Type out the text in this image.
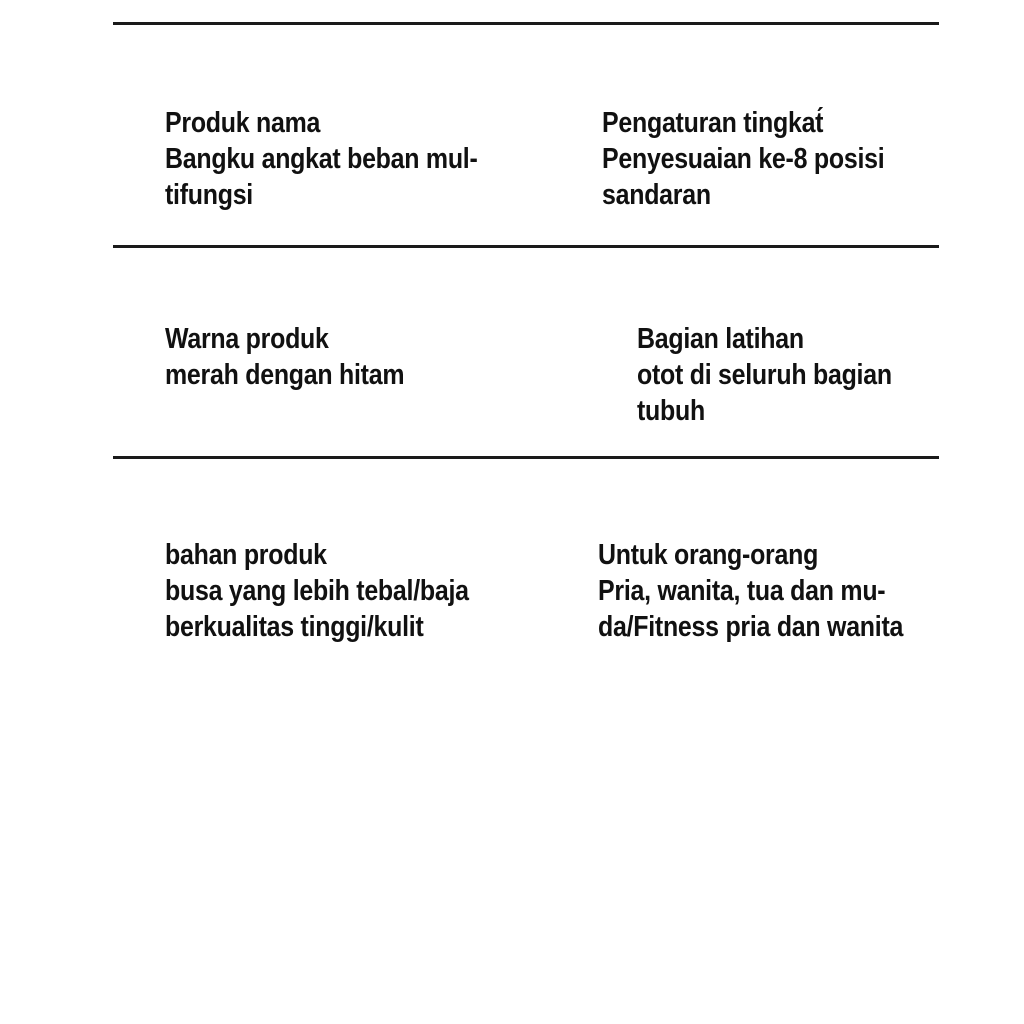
Produk nama
Bangku angkat beban mul-
tifungsi
Pengaturan tingkat́
Penyesuaian ke-8 posisi
sandaran
Warna produk
merah dengan hitam
Bagian latihan
otot di seluruh bagian
tubuh
bahan produk
busa yang lebih tebal/baja
berkualitas tinggi/kulit
Untuk orang-orang
Pria, wanita, tua dan mu-
da/Fitness pria dan wanita
